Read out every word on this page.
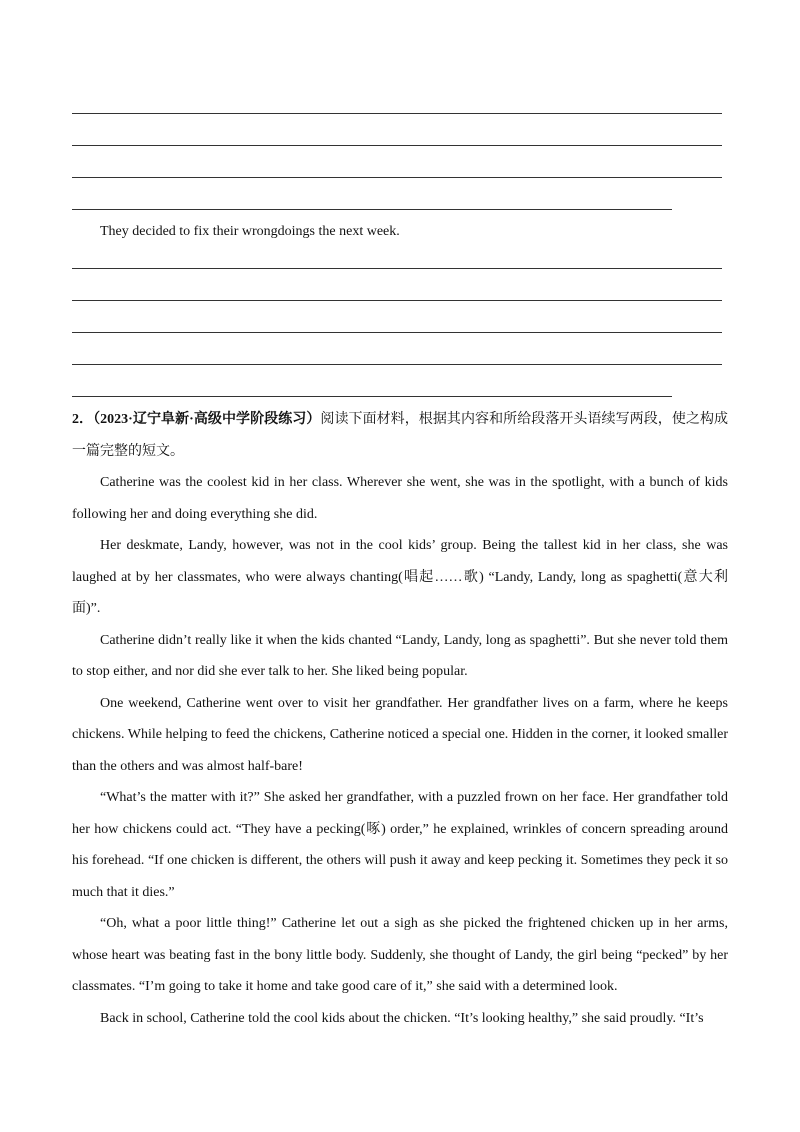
They decided to fix their wrongdoings the next week.

2．（2023·辽宁阜新·高级中学阶段练习）阅读下面材料，根据其内容和所给段落开头语续写两段，使之构成一篇完整的短文。

Catherine was the coolest kid in her class. Wherever she went, she was in the spotlight, with a bunch of kids following her and doing everything she did.

Her deskmate, Landy, however, was not in the cool kids’ group. Being the tallest kid in her class, she was laughed at by her classmates, who were always chanting(唱起……歌) “Landy, Landy, long as spaghetti(意大利面)”.

Catherine didn’t really like it when the kids chanted “Landy, Landy, long as spaghetti”. But she never told them to stop either, and nor did she ever talk to her. She liked being popular.

One weekend, Catherine went over to visit her grandfather. Her grandfather lives on a farm, where he keeps chickens. While helping to feed the chickens, Catherine noticed a special one. Hidden in the corner, it looked smaller than the others and was almost half-bare!

“What’s the matter with it?” She asked her grandfather, with a puzzled frown on her face. Her grandfather told her how chickens could act. “They have a pecking(啄) order,” he explained, wrinkles of concern spreading around his forehead. “If one chicken is different, the others will push it away and keep pecking it. Sometimes they peck it so much that it dies.”

“Oh, what a poor little thing!” Catherine let out a sigh as she picked the frightened chicken up in her arms, whose heart was beating fast in the bony little body. Suddenly, she thought of Landy, the girl being “pecked” by her classmates. “I’m going to take it home and take good care of it,” she said with a determined look.

Back in school, Catherine told the cool kids about the chicken. “It’s looking healthy,” she said proudly. “It’s
